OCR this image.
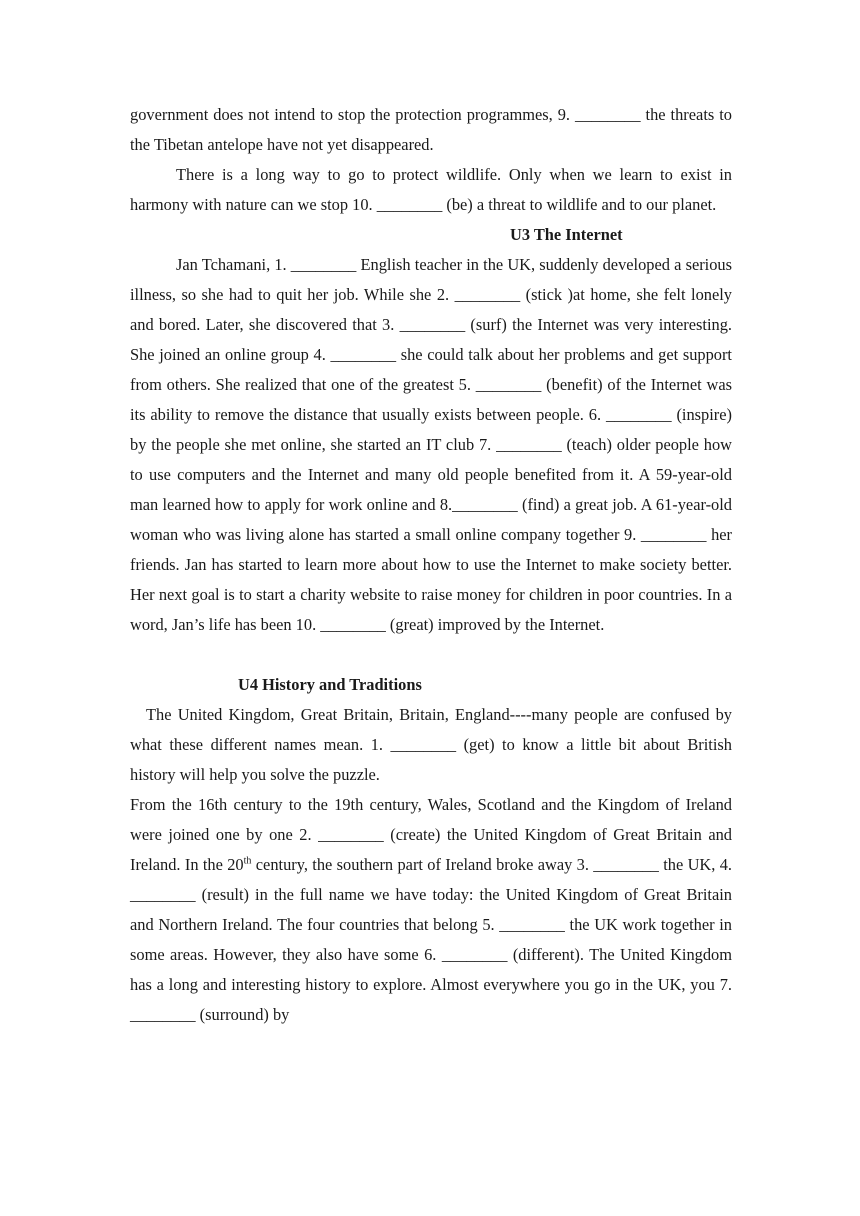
government does not intend to stop the protection programmes, 9. ________ the threats to the Tibetan antelope have not yet disappeared.

There is a long way to go to protect wildlife. Only when we learn to exist in harmony with nature can we stop 10. ________ (be) a threat to wildlife and to our planet.

U3 The Internet

Jan Tchamani, 1. ________ English teacher in the UK, suddenly developed a serious illness, so she had to quit her job. While she 2. ________ (stick )at home, she felt lonely and bored. Later, she discovered that 3. ________ (surf) the Internet was very interesting. She joined an online group 4. ________ she could talk about her problems and get support from others. She realized that one of the greatest 5. ________ (benefit) of the Internet was its ability to remove the distance that usually exists between people. 6. ________ (inspire) by the people she met online, she started an IT club 7. ________ (teach) older people how to use computers and the Internet and many old people benefited from it. A 59-year-old man learned how to apply for work online and 8.________ (find) a great job. A 61-year-old woman who was living alone has started a small online company together 9. ________ her friends. Jan has started to learn more about how to use the Internet to make society better. Her next goal is to start a charity website to raise money for children in poor countries. In a word, Jan’s life has been 10. ________ (great) improved by the Internet.

U4 History and Traditions

The United Kingdom, Great Britain, Britain, England----many people are confused by what these different names mean. 1. ________ (get) to know a little bit about British history will help you solve the puzzle.

From the 16th century to the 19th century, Wales, Scotland and the Kingdom of Ireland were joined one by one 2. ________ (create) the United Kingdom of Great Britain and Ireland. In the 20th century, the southern part of Ireland broke away 3. ________ the UK, 4. ________ (result) in the full name we have today: the United Kingdom of Great Britain and Northern Ireland. The four countries that belong 5. ________ the UK work together in some areas. However, they also have some 6. ________ (different). The United Kingdom has a long and interesting history to explore. Almost everywhere you go in the UK, you 7. ________ (surround) by
